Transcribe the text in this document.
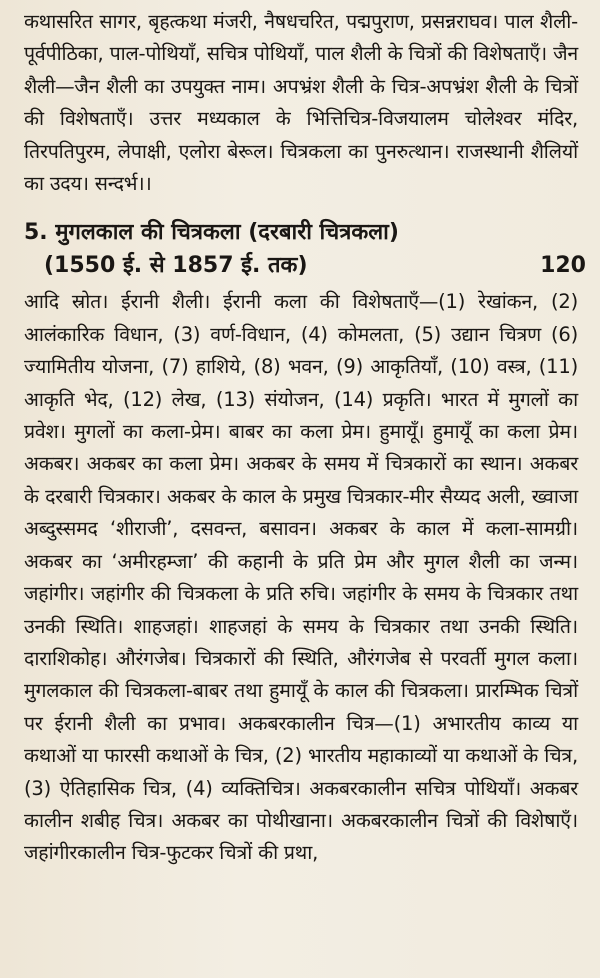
कथासरित सागर, बृहत्कथा मंजरी, नैषधचरित, पद्मपुराण, प्रसन्नराघव। पाल शैली-पूर्वपीठिका, पाल-पोथियाँ, सचित्र पोथियाँ, पाल शैली के चित्रों की विशेषताएँ। जैन शैली—जैन शैली का उपयुक्त नाम। अपभ्रंश शैली के चित्र-अपभ्रंश शैली के चित्रों की विशेषताएँ। उत्तर मध्यकाल के भित्तिचित्र-विजयालम चोलेश्वर मंदिर, तिरपतिपुरम, लेपाक्षी, एलोरा बेरूल। चित्रकला का पुनरुत्थान। राजस्थानी शैलियों का उदय। सन्दर्भ।।

5. मुगलकाल की चित्रकला (दरबारी चित्रकला)
(1550 ई. से 1857 ई. तक)	120

आदि स्रोत। ईरानी शैली। ईरानी कला की विशेषताएँ—(1) रेखांकन, (2) आलंकारिक विधान, (3) वर्ण-विधान, (4) कोमलता, (5) उद्यान चित्रण (6) ज्यामितीय योजना, (7) हाशिये, (8) भवन, (9) आकृतियाँ, (10) वस्त्र, (11) आकृति भेद, (12) लेख, (13) संयोजन, (14) प्रकृति। भारत में मुगलों का प्रवेश। मुगलों का कला-प्रेम। बाबर का कला प्रेम। हुमायूँ। हुमायूँ का कला प्रेम। अकबर। अकबर का कला प्रेम। अकबर के समय में चित्रकारों का स्थान। अकबर के दरबारी चित्रकार। अकबर के काल के प्रमुख चित्रकार-मीर सैय्यद अली, ख्वाजा अब्दुस्समद ‘शीराजी’, दसवन्त, बसावन। अकबर के काल में कला-सामग्री। अकबर का ‘अमीरहम्जा’ की कहानी के प्रति प्रेम और मुगल शैली का जन्म। जहांगीर। जहांगीर की चित्रकला के प्रति रुचि। जहांगीर के समय के चित्रकार तथा उनकी स्थिति। शाहजहां। शाहजहां के समय के चित्रकार तथा उनकी स्थिति। दाराशिकोह। औरंगजेब। चित्रकारों की स्थिति, औरंगजेब से परवर्ती मुगल कला। मुगलकाल की चित्रकला-बाबर तथा हुमायूँ के काल की चित्रकला। प्रारम्भिक चित्रों पर ईरानी शैली का प्रभाव। अकबरकालीन चित्र—(1) अभारतीय काव्य या कथाओं या फारसी कथाओं के चित्र, (2) भारतीय महाकाव्यों या कथाओं के चित्र, (3) ऐतिहासिक चित्र, (4) व्यक्तिचित्र। अकबरकालीन सचित्र पोथियाँ। अकबर कालीन शबीह चित्र। अकबर का पोथीखाना। अकबरकालीन चित्रों की विशेषाएँ। जहांगीरकालीन चित्र-फुटकर चित्रों की प्रथा,
